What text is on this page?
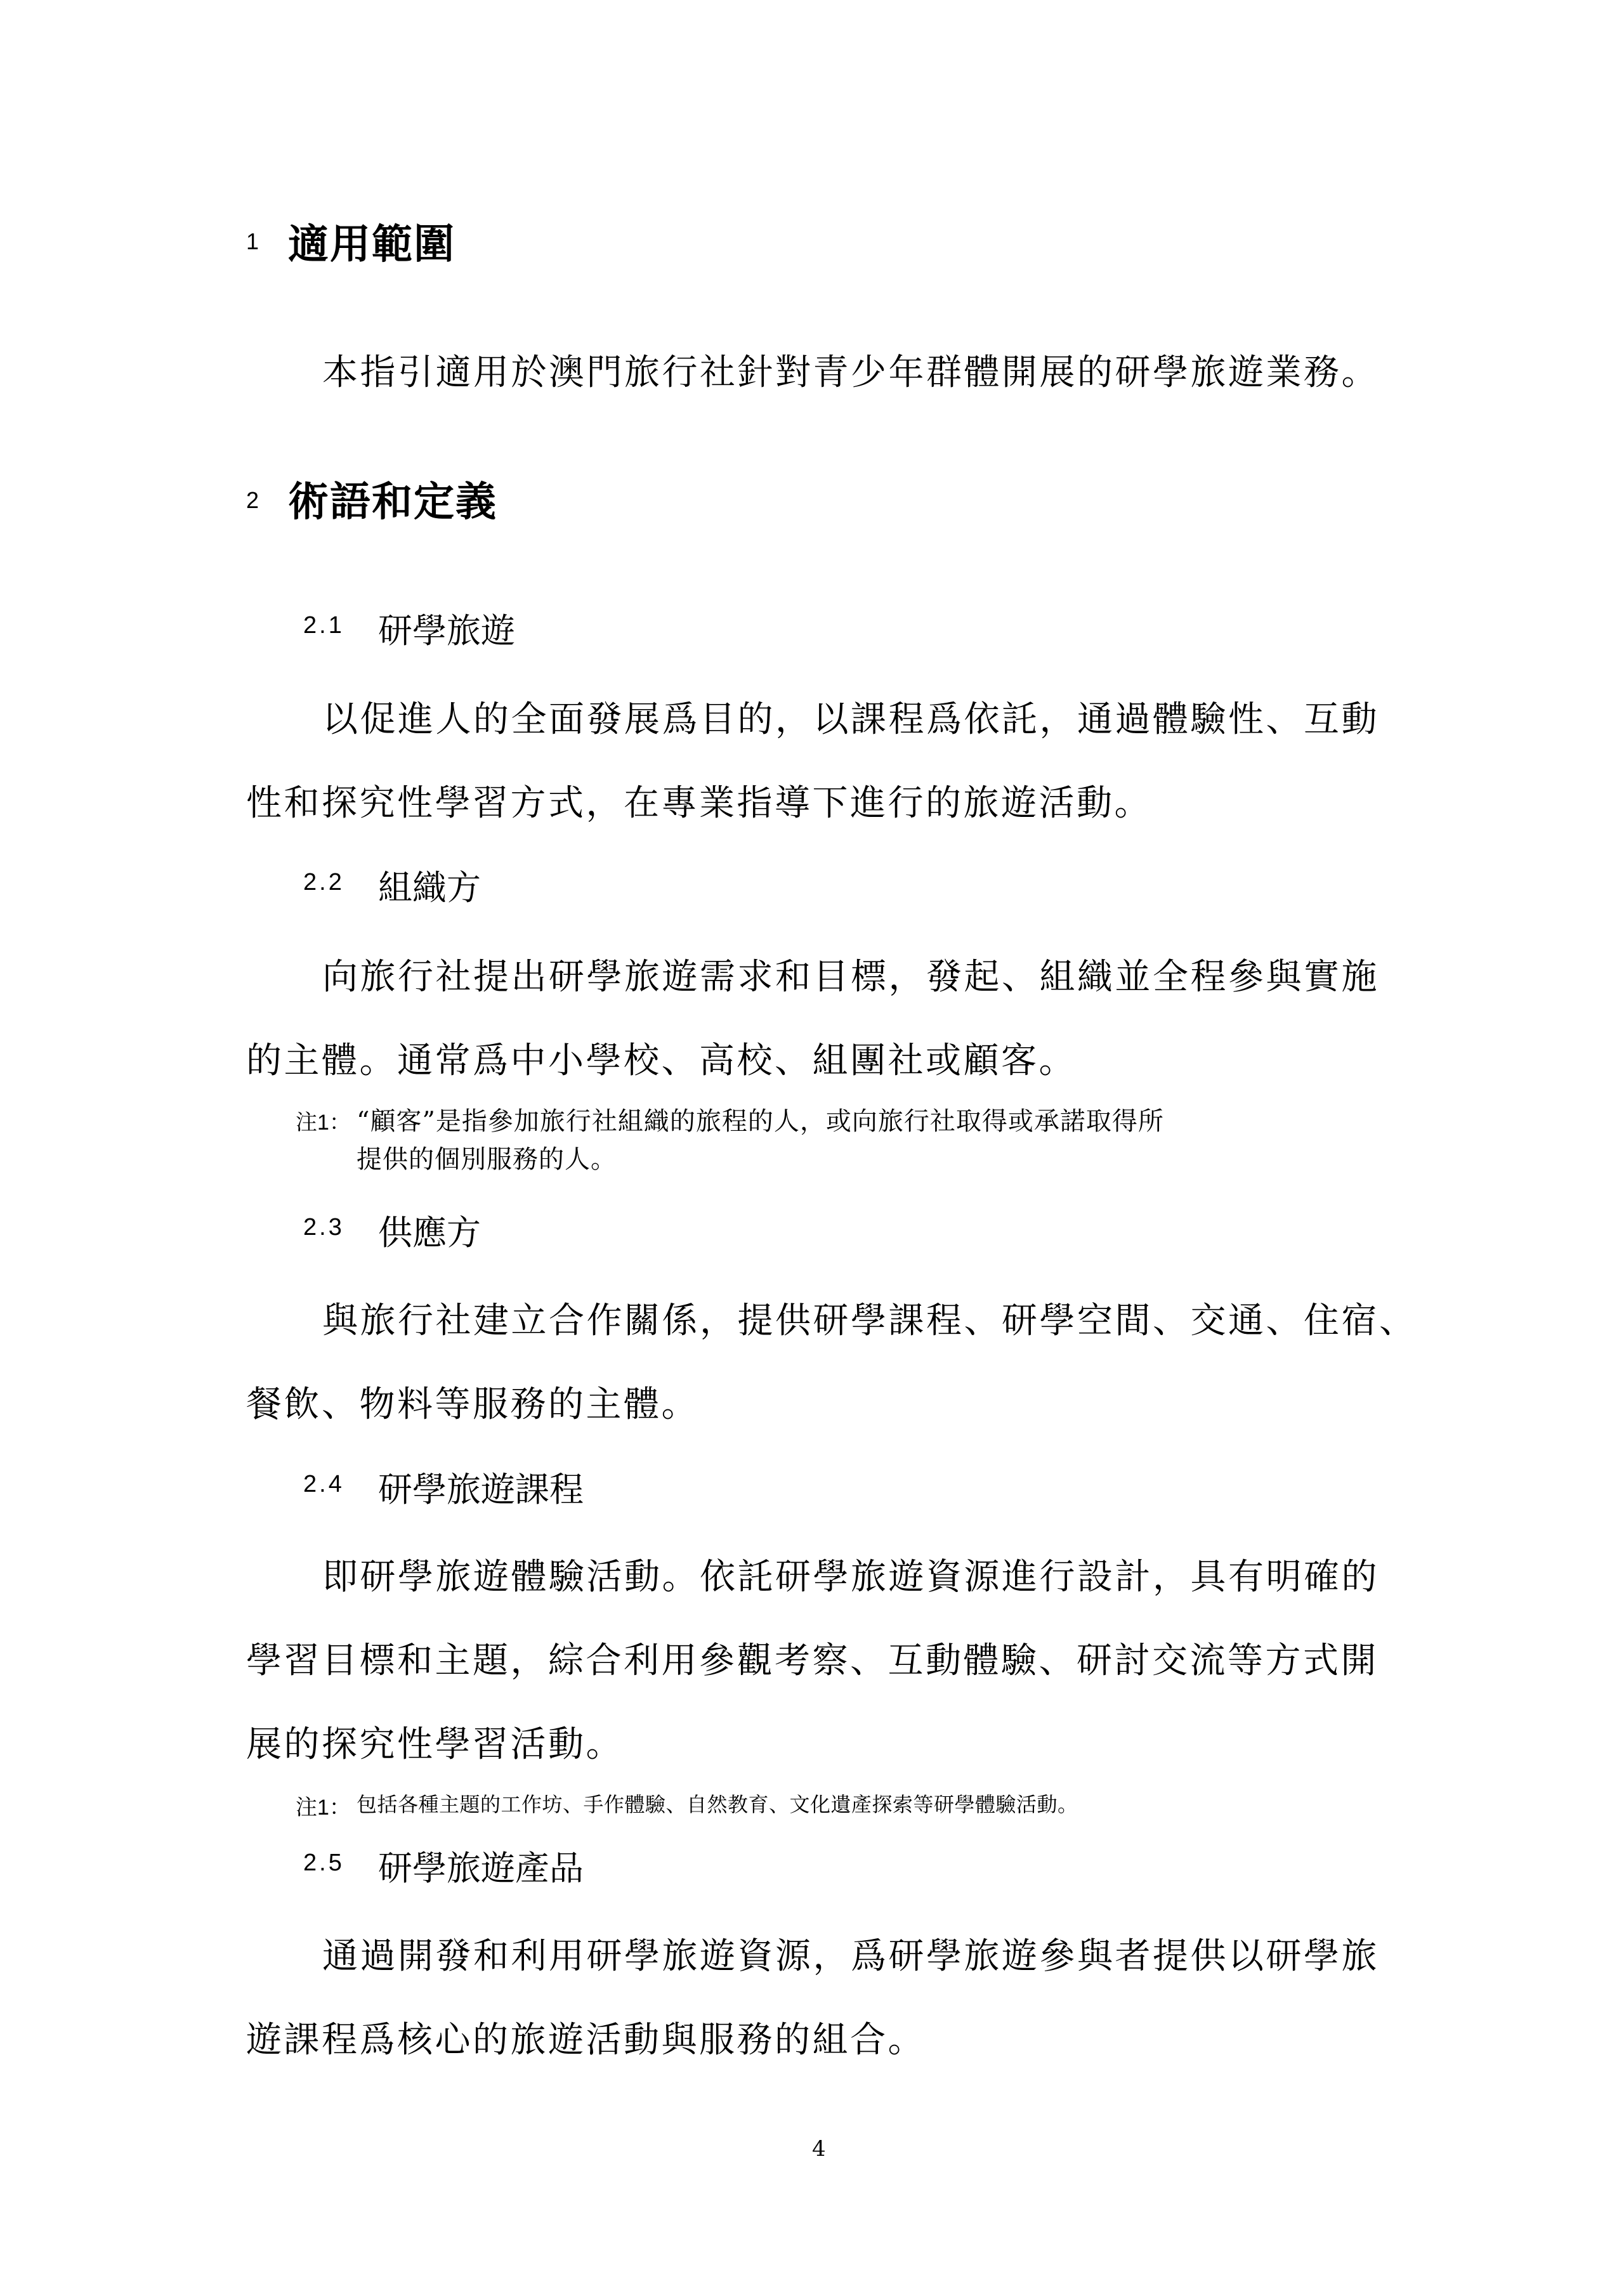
1 適用範圍
本指引適用於澳門旅行社針對青少年群體開展的研學旅遊業務。
2 術語和定義
2.1 研學旅遊
以促進人的全面發展爲目的，以課程爲依託，通過體驗性、互動
性和探究性學習方式，在專業指導下進行的旅遊活動。
2.2 組織方
向旅行社提出研學旅遊需求和目標，發起、組織並全程參與實施
的主體。通常爲中小學校、高校、組團社或顧客。
注1： “顧客”是指參加旅行社組織的旅程的人，或向旅行社取得或承諾取得所
提供的個別服務的人。
2.3 供應方
與旅行社建立合作關係，提供研學課程、研學空間、交通、住宿、
餐飲、物料等服務的主體。
2.4 研學旅遊課程
即研學旅遊體驗活動。依託研學旅遊資源進行設計，具有明確的
學習目標和主題，綜合利用參觀考察、互動體驗、研討交流等方式開
展的探究性學習活動。
注1： 包括各種主題的工作坊、手作體驗、自然教育、文化遺產探索等研學體驗活動。
2.5 研學旅遊產品
通過開發和利用研學旅遊資源，爲研學旅遊參與者提供以研學旅
遊課程爲核心的旅遊活動與服務的組合。
4
